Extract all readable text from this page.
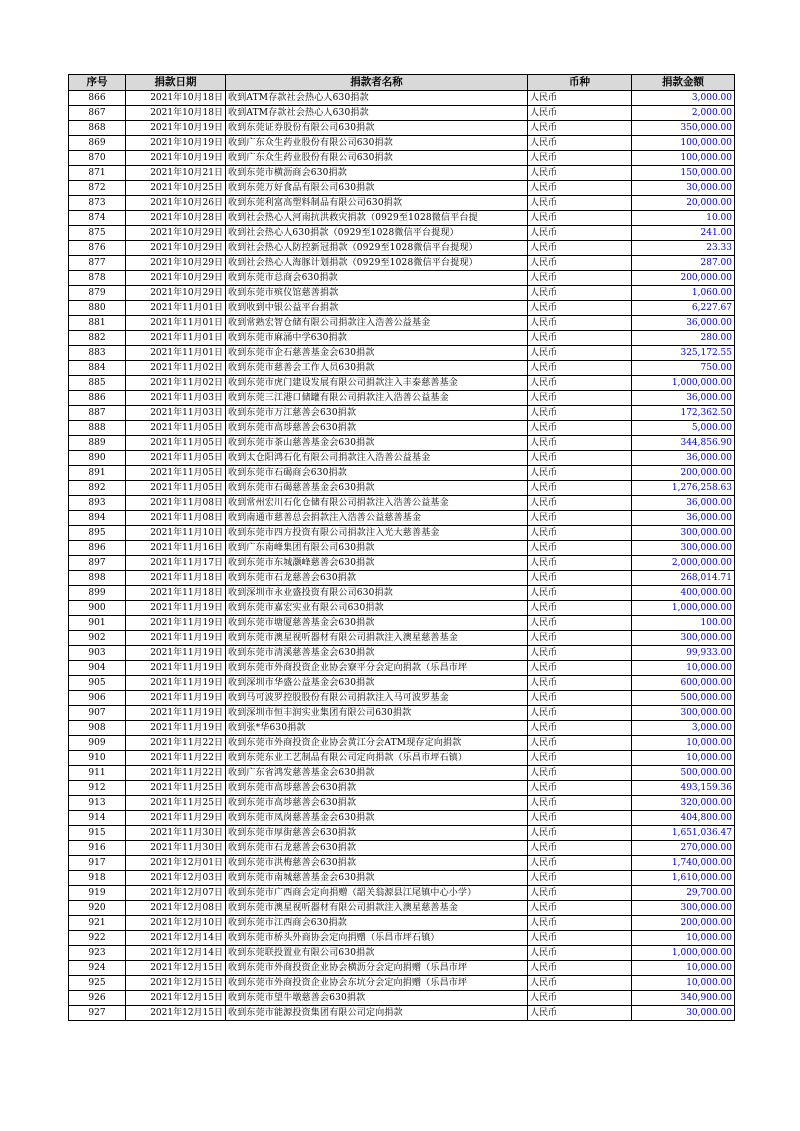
序号	捐款日期	捐款者名称	币种	捐款金额
866	2021年10月18日	收到ATM存款社会热心人630捐款	人民币	3,000.00
867	2021年10月18日	收到ATM存款社会热心人630捐款	人民币	2,000.00
868	2021年10月19日	收到东莞证券股份有限公司630捐款	人民币	350,000.00
869	2021年10月19日	收到广东众生药业股份有限公司630捐款	人民币	100,000.00
870	2021年10月19日	收到广东众生药业股份有限公司630捐款	人民币	100,000.00
871	2021年10月21日	收到东莞市横沥商会630捐款	人民币	150,000.00
872	2021年10月25日	收到东莞万好食品有限公司630捐款	人民币	30,000.00
873	2021年10月26日	收到东莞利富高塑料制品有限公司630捐款	人民币	20,000.00
874	2021年10月28日	收到社会热心人河南抗洪救灾捐款（0929至1028微信平台提	人民币	10.00
875	2021年10月29日	收到社会热心人630捐款（0929至1028微信平台提现）	人民币	241.00
876	2021年10月29日	收到社会热心人防控新冠捐款（0929至1028微信平台提现）	人民币	23.33
877	2021年10月29日	收到社会热心人海豚计划捐款（0929至1028微信平台提现）	人民币	287.00
878	2021年10月29日	收到东莞市总商会630捐款	人民币	200,000.00
879	2021年10月29日	收到东莞市殡仪馆慈善捐款	人民币	1,060.00
880	2021年11月01日	收到收到中银公益平台捐款	人民币	6,227.67
881	2021年11月01日	收到常熟宏智仓储有限公司捐款注入浩善公益基金	人民币	36,000.00
882	2021年11月01日	收到东莞市麻涌中学630捐款	人民币	280.00
883	2021年11月01日	收到东莞市企石慈善基金会630捐款	人民币	325,172.55
884	2021年11月02日	收到东莞市慈善会工作人员630捐款	人民币	750.00
885	2021年11月02日	收到东莞市虎门建设发展有限公司捐款注入丰泰慈善基金	人民币	1,000,000.00
886	2021年11月03日	收到东莞三江港口储罐有限公司捐款注入浩善公益基金	人民币	36,000.00
887	2021年11月03日	收到东莞市万江慈善会630捐款	人民币	172,362.50
888	2021年11月05日	收到东莞市高埗慈善会630捐款	人民币	5,000.00
889	2021年11月05日	收到东莞市茶山慈善基金会630捐款	人民币	344,856.90
890	2021年11月05日	收到太仓阳鸿石化有限公司捐款注入浩善公益基金	人民币	36,000.00
891	2021年11月05日	收到东莞市石碣商会630捐款	人民币	200,000.00
892	2021年11月05日	收到东莞市石碣慈善基金会630捐款	人民币	1,276,258.63
893	2021年11月08日	收到常州宏川石化仓储有限公司捐款注入浩善公益基金	人民币	36,000.00
894	2021年11月08日	收到南通市慈善总会捐款注入浩善公益慈善基金	人民币	36,000.00
895	2021年11月10日	收到东莞市四方投资有限公司捐款注入光大慈善基金	人民币	300,000.00
896	2021年11月16日	收到广东南峰集团有限公司630捐款	人民币	300,000.00
897	2021年11月17日	收到东莞市东城灏峰慈善会630捐款	人民币	2,000,000.00
898	2021年11月18日	收到东莞市石龙慈善会630捐款	人民币	268,014.71
899	2021年11月18日	收到深圳市永业盛投资有限公司630捐款	人民币	400,000.00
900	2021年11月19日	收到东莞市嘉宏实业有限公司630捐款	人民币	1,000,000.00
901	2021年11月19日	收到东莞市塘厦慈善基金会630捐款	人民币	100.00
902	2021年11月19日	收到东莞市澳星视听器材有限公司捐款注入澳星慈善基金	人民币	300,000.00
903	2021年11月19日	收到东莞市清溪慈善基金会630捐款	人民币	99,933.00
904	2021年11月19日	收到东莞市外商投资企业协会寮平分会定向捐款（乐昌市坪	人民币	10,000.00
905	2021年11月19日	收到深圳市华盛公益基金会630捐款	人民币	600,000.00
906	2021年11月19日	收到马可波罗控股股份有限公司捐款注入马可波罗基金	人民币	500,000.00
907	2021年11月19日	收到深圳市恒丰润实业集团有限公司630捐款	人民币	300,000.00
908	2021年11月19日	收到张*华630捐款	人民币	3,000.00
909	2021年11月22日	收到东莞市外商投资企业协会黄江分会ATM现存定向捐款	人民币	10,000.00
910	2021年11月22日	收到东莞东业工艺制品有限公司定向捐款（乐昌市坪石镇）	人民币	10,000.00
911	2021年11月22日	收到广东省鸿发慈善基金会630捐款	人民币	500,000.00
912	2021年11月25日	收到东莞市高埗慈善会630捐款	人民币	493,159.36
913	2021年11月25日	收到东莞市高埗慈善会630捐款	人民币	320,000.00
914	2021年11月29日	收到东莞市凤岗慈善基金会630捐款	人民币	404,800.00
915	2021年11月30日	收到东莞市厚街慈善会630捐款	人民币	1,651,036.47
916	2021年11月30日	收到东莞市石龙慈善会630捐款	人民币	270,000.00
917	2021年12月01日	收到东莞市洪梅慈善会630捐款	人民币	1,740,000.00
918	2021年12月03日	收到东莞市南城慈善基金会630捐款	人民币	1,610,000.00
919	2021年12月07日	收到东莞市广西商会定向捐赠（韶关翁源县江尾镇中心小学）	人民币	29,700.00
920	2021年12月08日	收到东莞市澳星视听器材有限公司捐款注入澳星慈善基金	人民币	300,000.00
921	2021年12月10日	收到东莞市江西商会630捐款	人民币	200,000.00
922	2021年12月14日	收到东莞市桥头外商协会定向捐赠（乐昌市坪石镇）	人民币	10,000.00
923	2021年12月14日	收到东莞联投置业有限公司630捐款	人民币	1,000,000.00
924	2021年12月15日	收到东莞市外商投资企业协会横沥分会定向捐赠（乐昌市坪	人民币	10,000.00
925	2021年12月15日	收到东莞市外商投资企业协会东坑分会定向捐赠（乐昌市坪	人民币	10,000.00
926	2021年12月15日	收到东莞市望牛墩慈善会630捐款	人民币	340,900.00
927	2021年12月15日	收到东莞市能源投资集团有限公司定向捐款	人民币	30,000.00
